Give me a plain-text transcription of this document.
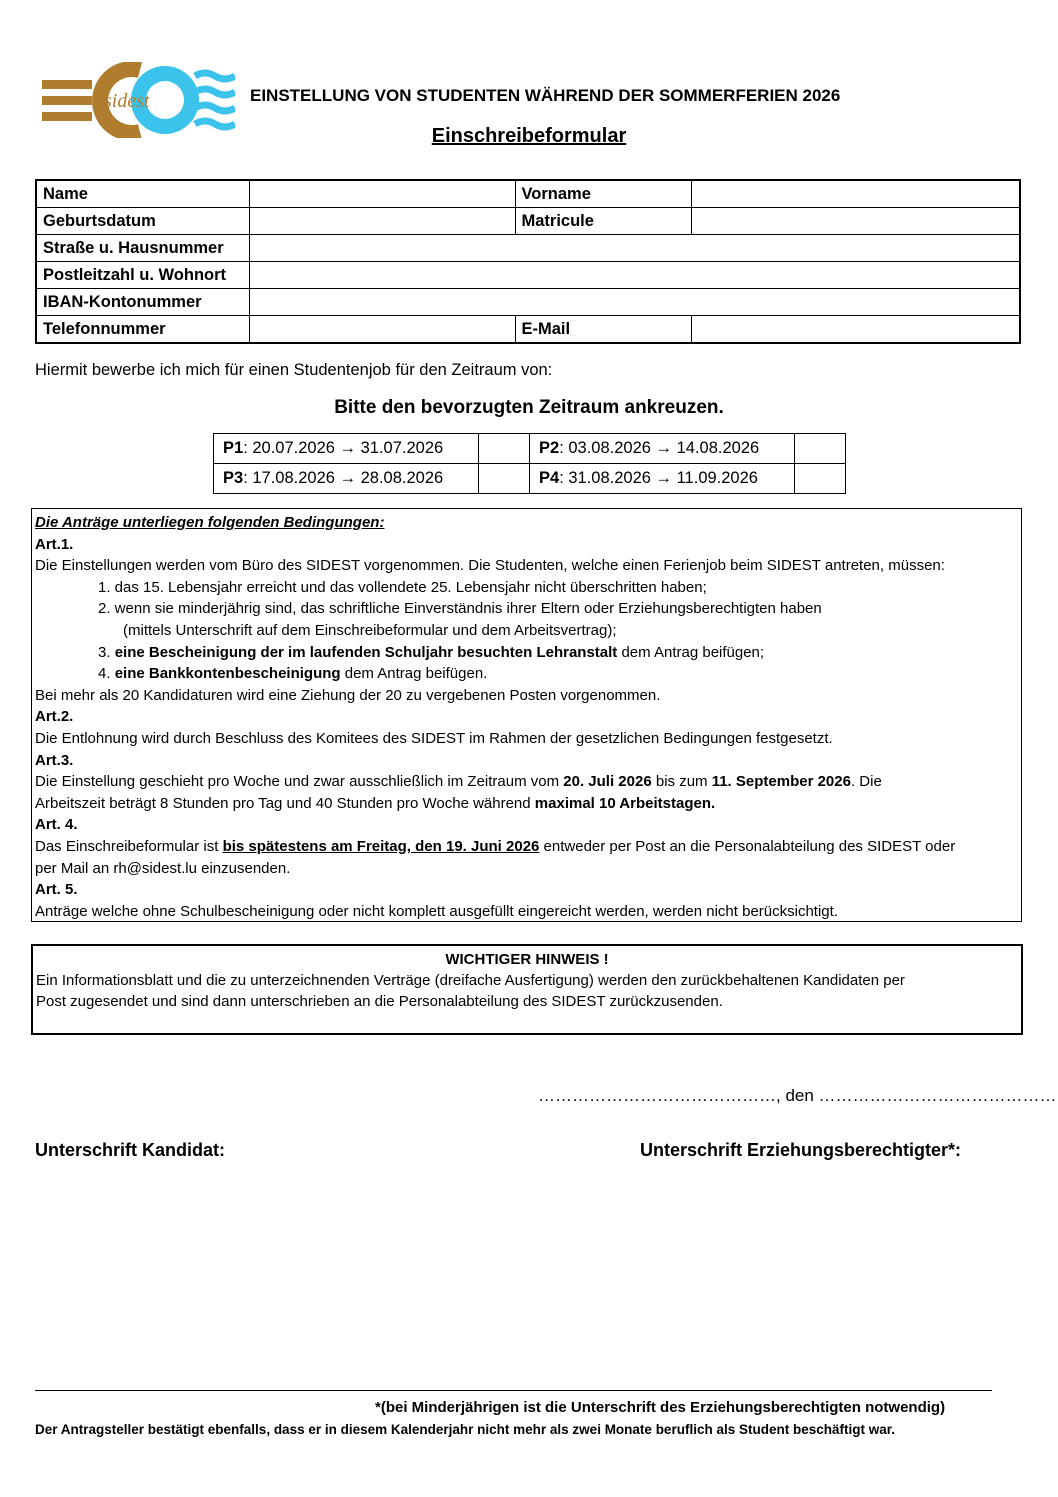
sidest	EINSTELLUNG VON STUDENTEN WÄHREND DER SOMMERFERIEN 2026
Einschreibeformular
Name		Vorname	
Geburtsdatum		Matricule	
Straße u. Hausnummer			
Postleitzahl u. Wohnort			
IBAN-Kontonummer			
Telefonnummer		E-Mail	
Hiermit bewerbe ich mich für einen Studentenjob für den Zeitraum von:
Bitte den bevorzugten Zeitraum ankreuzen.
P1: 20.07.2026 → 31.07.2026		P2: 03.08.2026 → 14.08.2026	
P3: 17.08.2026 → 28.08.2026		P4: 31.08.2026 → 11.09.2026	

Die Anträge unterliegen folgenden Bedingungen:

Art.1.

Die Einstellungen werden vom Büro des SIDEST vorgenommen. Die Studenten, welche einen Ferienjob beim SIDEST antreten, müssen:

1. das 15. Lebensjahr erreicht und das vollendete 25. Lebensjahr nicht überschritten haben;

2. wenn sie minderjährig sind, das schriftliche Einverständnis ihrer Eltern oder Erziehungsberechtigten haben

(mittels Unterschrift auf dem Einschreibeformular und dem Arbeitsvertrag);

3. eine Bescheinigung der im laufenden Schuljahr besuchten Lehranstalt dem Antrag beifügen;

4. eine Bankkontenbescheinigung dem Antrag beifügen.

Bei mehr als 20 Kandidaturen wird eine Ziehung der 20 zu vergebenen Posten vorgenommen.

Art.2.

Die Entlohnung wird durch Beschluss des Komitees des SIDEST im Rahmen der gesetzlichen Bedingungen festgesetzt.

Art.3.

Die Einstellung geschieht pro Woche und zwar ausschließlich im Zeitraum vom 20. Juli 2026 bis zum 11. September 2026. Die

Arbeitszeit beträgt 8 Stunden pro Tag und 40 Stunden pro Woche während maximal 10 Arbeitstagen.

Art. 4.

Das Einschreibeformular ist bis spätestens am Freitag, den 19. Juni 2026 entweder per Post an die Personalabteilung des SIDEST oder

per Mail an rh@sidest.lu einzusenden.

Art. 5.

Anträge welche ohne Schulbescheinigung oder nicht komplett ausgefüllt eingereicht werden, werden nicht berücksichtigt.

WICHTIGER HINWEIS !
Ein Informationsblatt und die zu unterzeichnenden Verträge (dreifache Ausfertigung) werden den zurückbehaltenen Kandidaten per
Post zugesendet und sind dann unterschrieben an die Personalabteilung des SIDEST zurückzusenden.
……………………………………, den ……………………………………
Unterschrift Kandidat:	Unterschrift Erziehungsberechtigter*:
*(bei Minderjährigen ist die Unterschrift des Erziehungsberechtigten notwendig)
Der Antragsteller bestätigt ebenfalls, dass er in diesem Kalenderjahr nicht mehr als zwei Monate beruflich als Student beschäftigt war.
